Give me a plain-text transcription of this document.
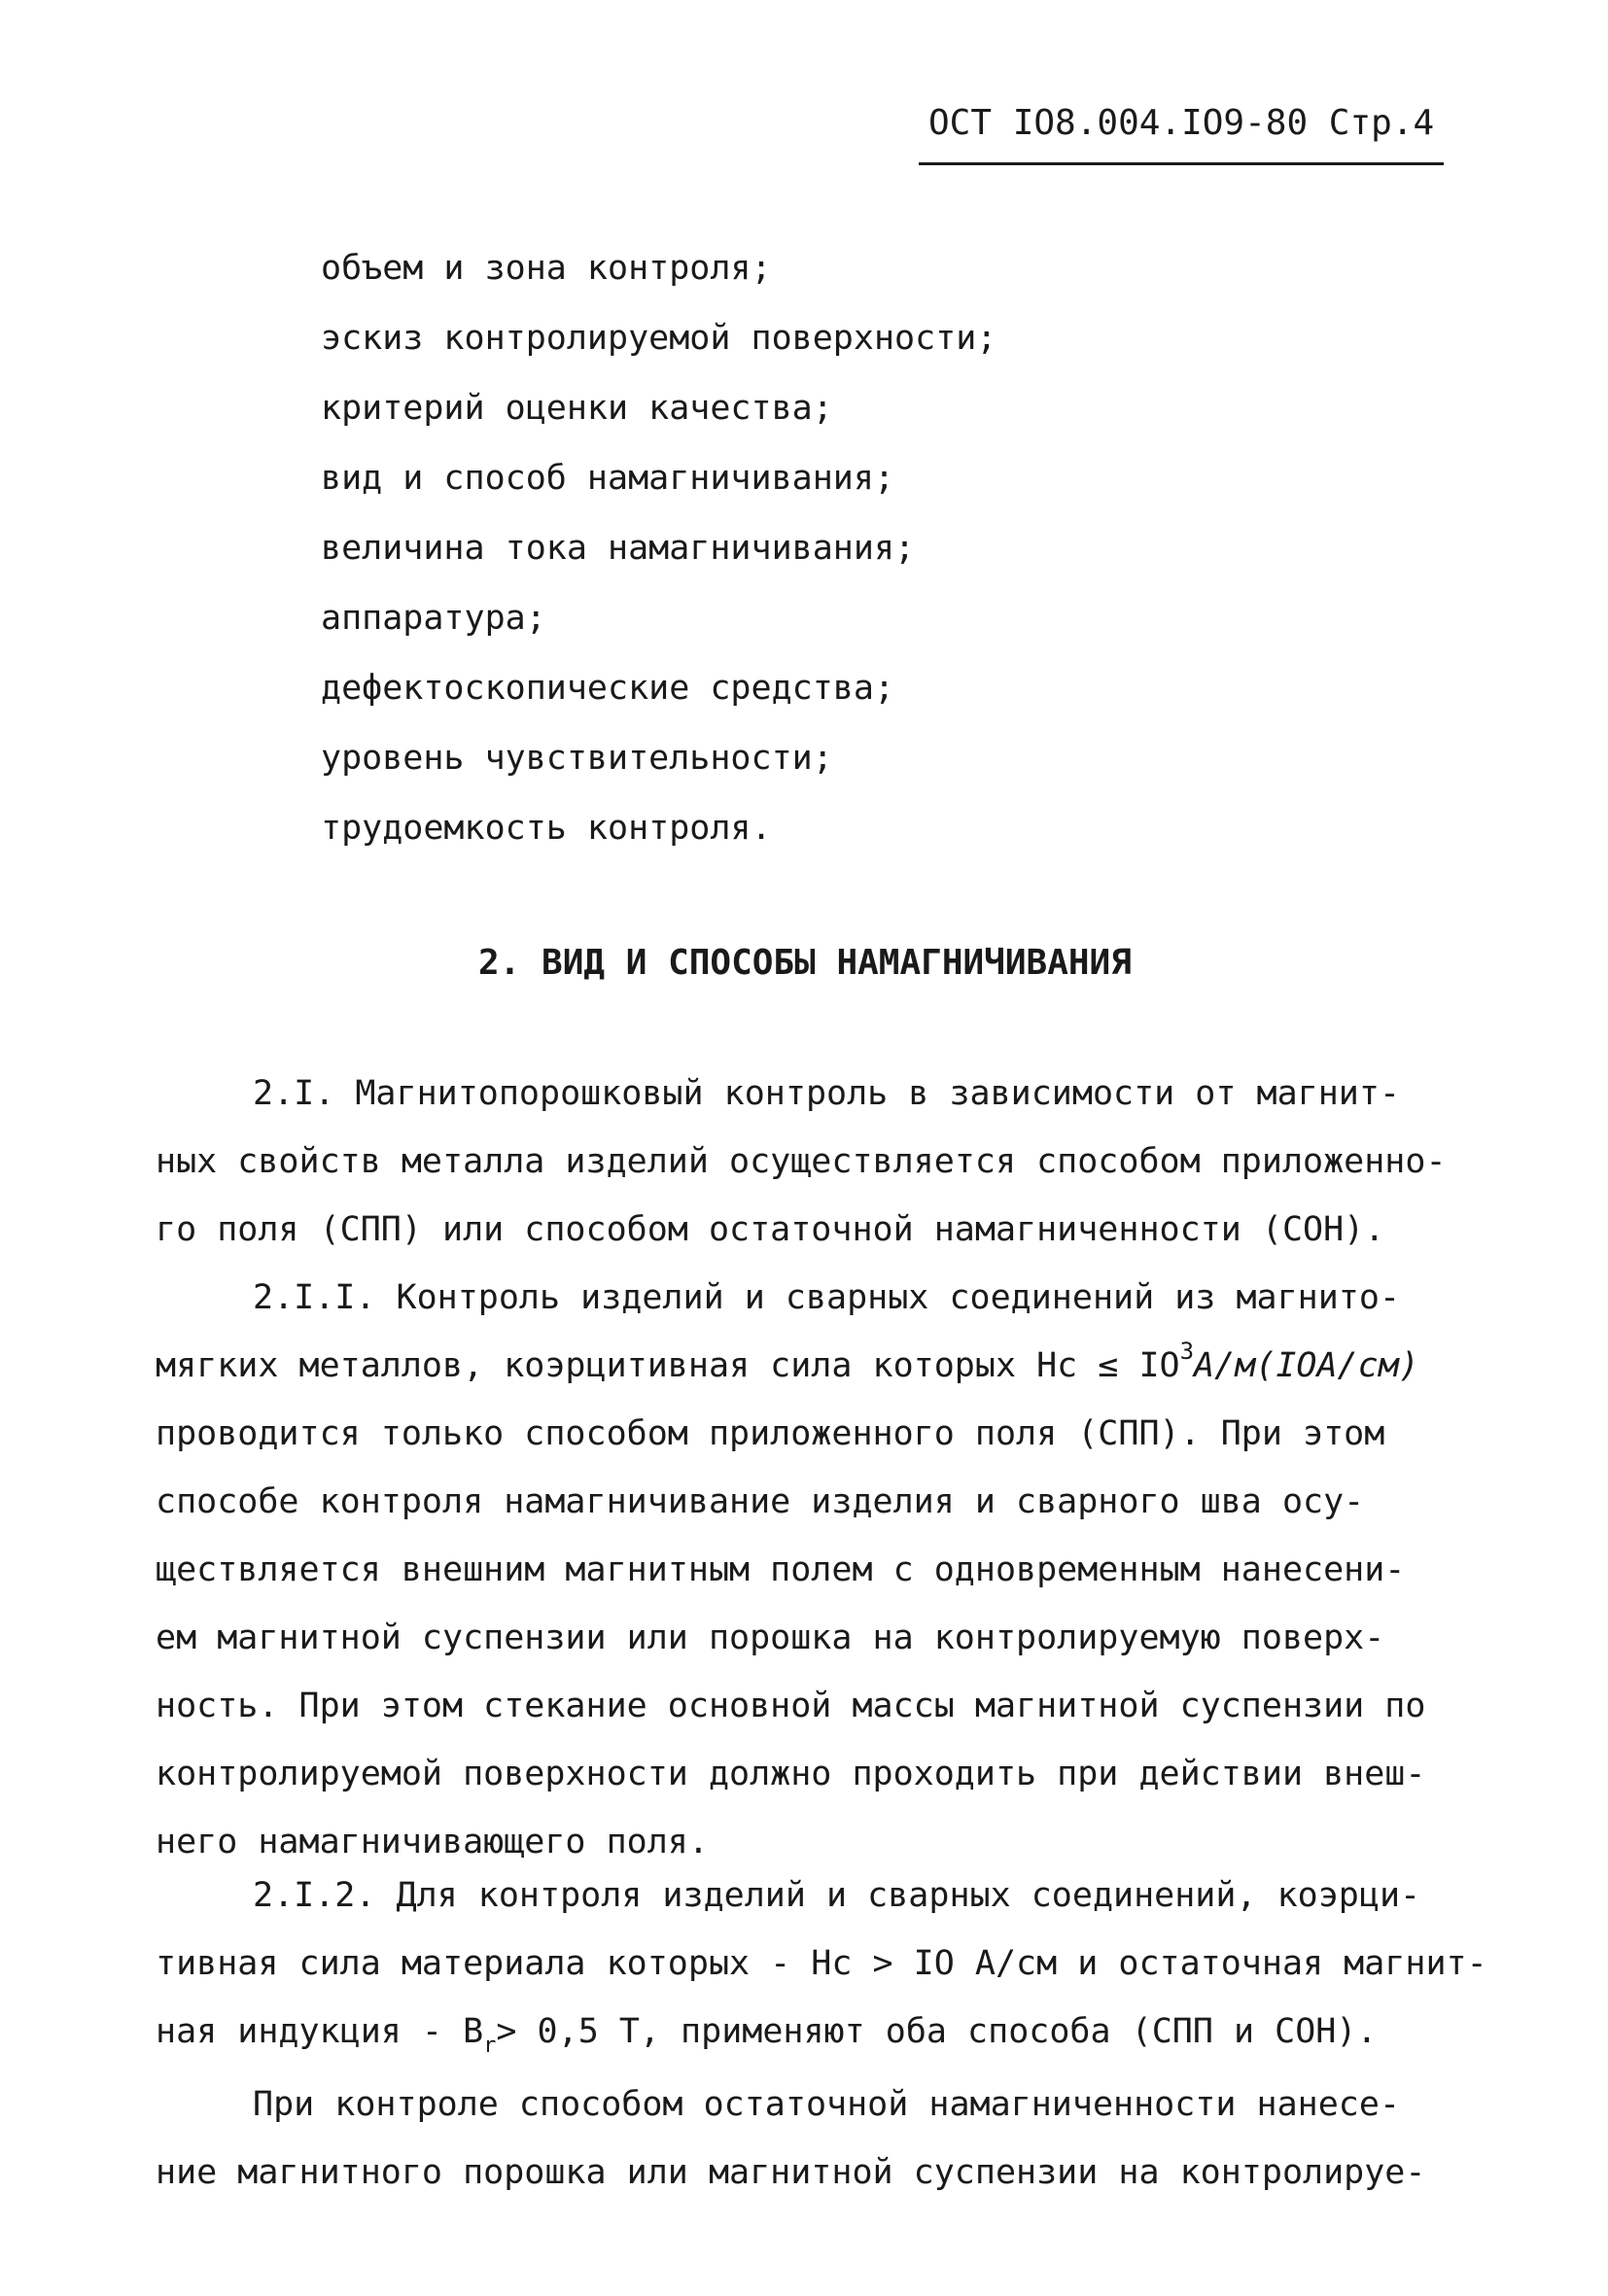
ОСТ IO8.004.IO9-80 Стр.4
объем и зона контроля;
эскиз контролируемой поверхности;
критерий оценки качества;
вид и способ намагничивания;
величина тока намагничивания;
аппаратура;
дефектоскопические средства;
уровень чувствительности;
трудоемкость контроля.
2. ВИД И СПОСОБЫ НАМАГНИЧИВАНИЯ
2.I. Магнитопорошковый контроль в зависимости от магнит-
ных свойств металла изделий осуществляется способом приложенно-
го поля (СПП) или способом остаточной намагниченности (СОН).
2.I.I. Контроль изделий и сварных соединений из магнито-
мягких металлов, коэрцитивная сила которых Нс ≤ $IO^3А/м(IOА/см)$
проводится только способом приложенного поля (СПП). При этом
способе контроля намагничивание изделия и сварного шва осу-
ществляется внешним магнитным полем с одновременным нанесени-
ем магнитной суспензии или порошка на контролируемую поверх-
ность. При этом стекание основной массы магнитной суспензии по
контролируемой поверхности должно проходить при действии внеш-
него намагничивающего поля.
2.I.2. Для контроля изделий и сварных соединений, коэрци-
тивная сила материала которых - Нс > IO А/см и остаточная магнит-
ная индукция - $В_r> 0,5$ Т, применяют оба способа (СПП и СОН).
При контроле способом остаточной намагниченности нанесе-
ние магнитного порошка или магнитной суспензии на контролируе-
